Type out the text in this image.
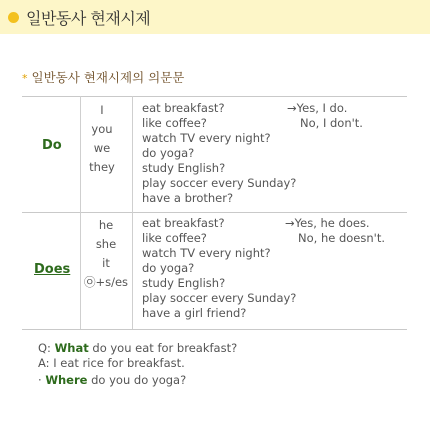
일반동사 현재시제
* 일반동사 현재시제의 의문문
Do
I
you
we
they
eat breakfast?
like coffee?
watch TV every night?
do yoga?
study English?
play soccer every Sunday?
have a brother?
→Yes, I do.
No, I don't.
Does
he
she
it
㉧+s/es
eat breakfast?
like coffee?
watch TV every night?
do yoga?
study English?
play soccer every Sunday?
have a girl friend?
→Yes, he does.
No, he doesn't.
Q: What do you eat for breakfast?
A: I eat rice for breakfast.
· Where do you do yoga?
